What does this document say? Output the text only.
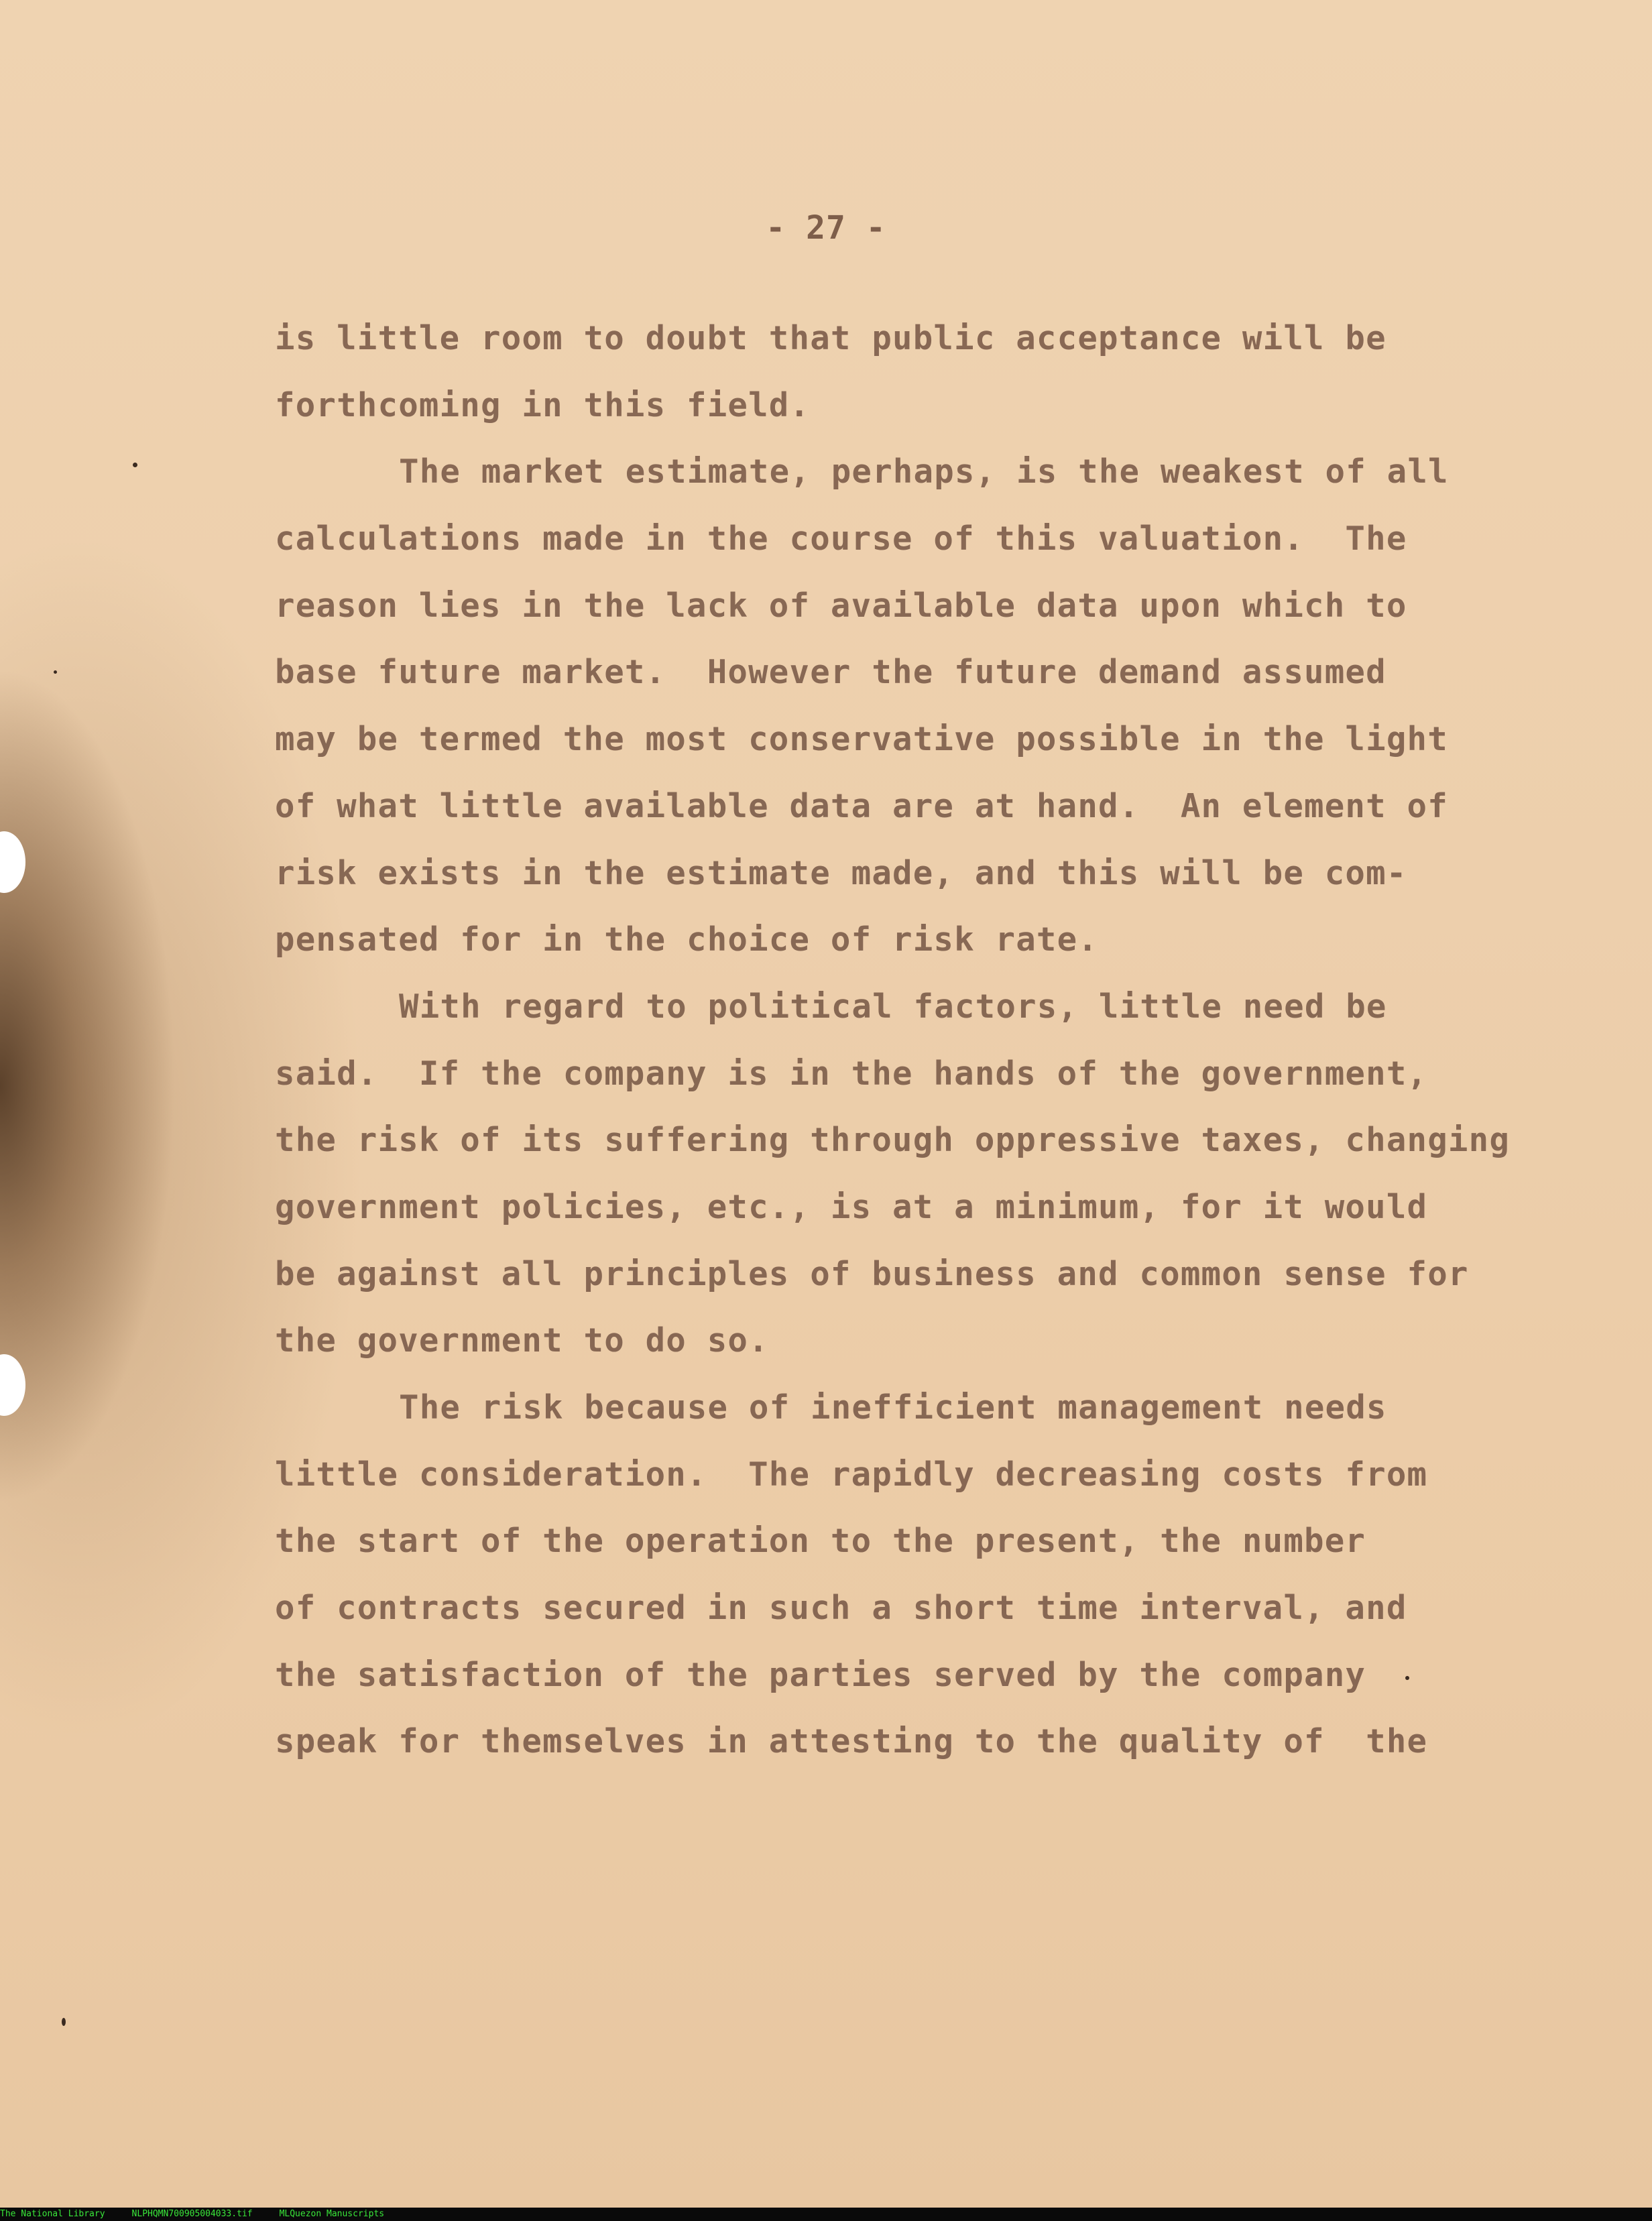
- 27 -
is little room to doubt that public acceptance will be
forthcoming in this field.
The market estimate, perhaps, is the weakest of all
calculations made in the course of this valuation.  The
reason lies in the lack of available data upon which to
base future market.  However the future demand assumed
may be termed the most conservative possible in the light
of what little available data are at hand.  An element of
risk exists in the estimate made, and this will be com-
pensated for in the choice of risk rate.
With regard to political factors, little need be
said.  If the company is in the hands of the government,
the risk of its suffering through oppressive taxes, changing
government policies, etc., is at a minimum, for it would
be against all principles of business and common sense for
the government to do so.
The risk because of inefficient management needs
little consideration.  The rapidly decreasing costs from
the start of the operation to the present, the number
of contracts secured in such a short time interval, and
the satisfaction of the parties served by the company
speak for themselves in attesting to the quality of  the
The National Library	NLPHQMN700905004033.tif	MLQuezon Manuscripts
